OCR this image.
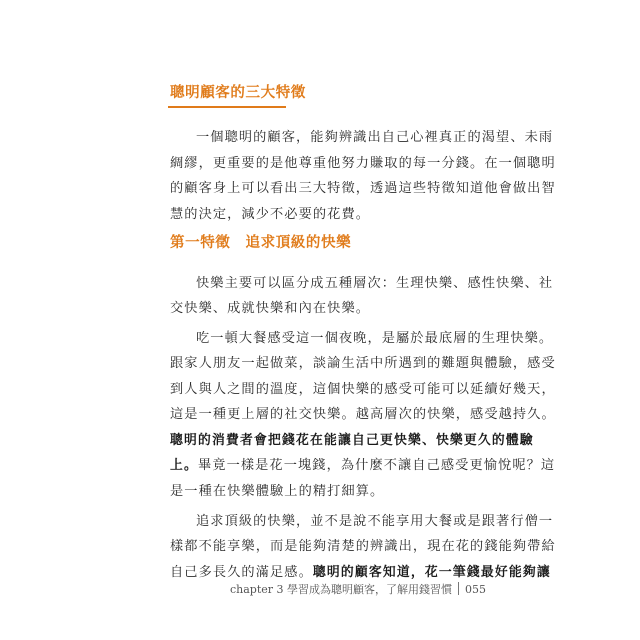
聰明顧客的三大特徵
一個聰明的顧客，能夠辨識出自己心裡真正的渴望、未雨
綢繆，更重要的是他尊重他努力賺取的每一分錢。在一個聰明
的顧客身上可以看出三大特徵，透過這些特徵知道他會做出智
慧的決定，減少不必要的花費。
第一特徵　追求頂級的快樂
快樂主要可以區分成五種層次：生理快樂、感性快樂、社
交快樂、成就快樂和內在快樂。
吃一頓大餐感受這一個夜晚，是屬於最底層的生理快樂。
跟家人朋友一起做菜，談論生活中所遇到的難題與體驗，感受
到人與人之間的溫度，這個快樂的感受可能可以延續好幾天，
這是一種更上層的社交快樂。越高層次的快樂，感受越持久。
聰明的消費者會把錢花在能讓自己更快樂、快樂更久的體驗
上。畢竟一樣是花一塊錢，為什麼不讓自己感受更愉悅呢？這
是一種在快樂體驗上的精打細算。
追求頂級的快樂，並不是說不能享用大餐或是跟著行僧一
樣都不能享樂，而是能夠清楚的辨識出，現在花的錢能夠帶給
自己多長久的滿足感。聰明的顧客知道，花一筆錢最好能夠讓
chapter 3 學習成為聰明顧客，了解用錢習慣 055
